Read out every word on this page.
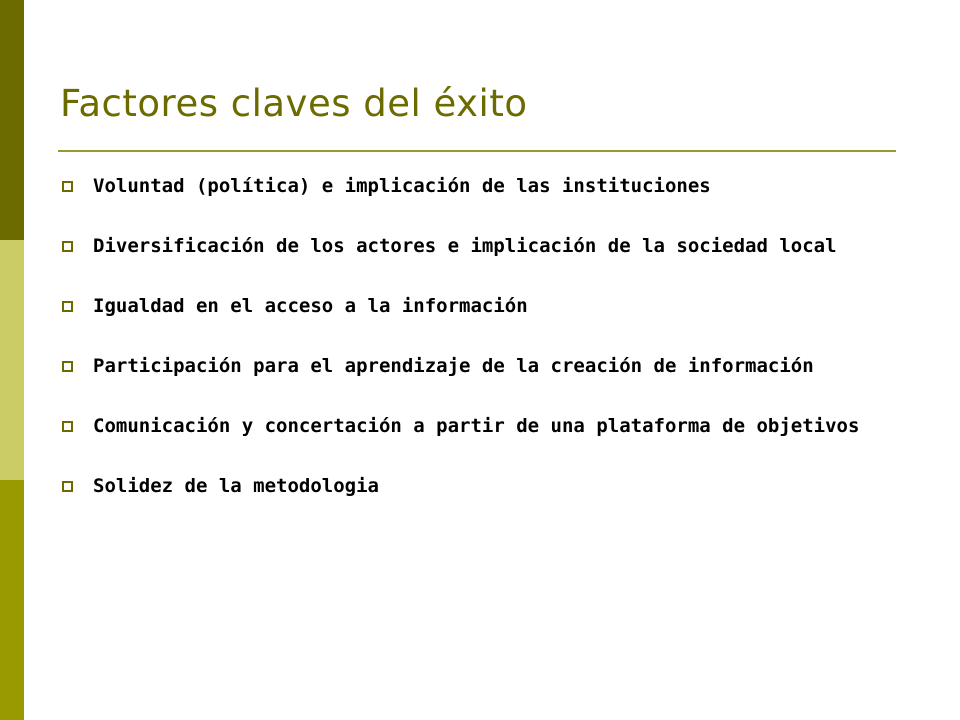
Factores claves del éxito
Voluntad (política) e implicación de las instituciones
Diversificación de los actores e implicación de la sociedad local
Igualdad en el acceso a la información
Participación para el aprendizaje de la creación de información
Comunicación y concertación a partir de una plataforma de objetivos
Solidez de la metodologia
